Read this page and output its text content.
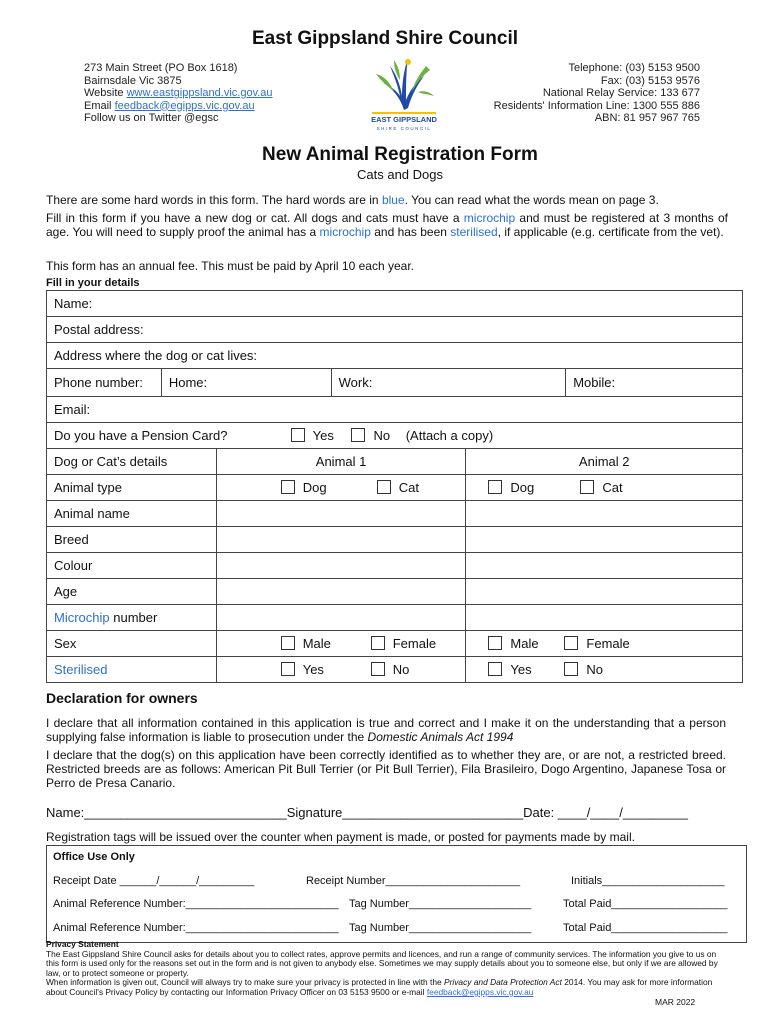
East Gippsland Shire Council
273 Main Street (PO Box 1618)
Bairnsdale Vic 3875
Website www.eastgippsland.vic.gov.au
Email feedback@egipps.vic.gov.au
Follow us on Twitter @egsc	EAST GIPPSLAND
SHIRE COUNCIL
Telephone: (03) 5153 9500
Fax: (03) 5153 9576
National Relay Service: 133 677
Residents' Information Line: 1300 555 886
ABN: 81 957 967 765
New Animal Registration Form
Cats and Dogs
There are some hard words in this form. The hard words are in blue. You can read what the words mean on page 3.
Fill in this form if you have a new dog or cat. All dogs and cats must have a microchip and must be registered at 3 months of age. You will need to supply proof the animal has a microchip and has been sterilised, if applicable (e.g. certificate from the vet).
This form has an annual fee. This must be paid by April 10 each year.
Fill in your details
Name:					
Postal address:					
Address where the dog or cat lives:					
Phone number:	Home:		Work:		Mobile:
Email:					
Do you have a Pension Card? Yes No (Attach a copy)					
Dog or Cat’s details		Animal 1		Animal 2	
Animal type		Dog Cat		Dog Cat	
Animal name					
Breed					
Colour					
Age					
Microchip number					
Sex		Male Female		Male Female	
Sterilised		Yes No		Yes No	
Declaration for owners
I declare that all information contained in this application is true and correct and I make it on the understanding that a person supplying false information is liable to prosecution under the Domestic Animals Act 1994
I declare that the dog(s) on this application have been correctly identified as to whether they are, or are not, a restricted breed. Restricted breeds are as follows: American Pit Bull Terrier (or Pit Bull Terrier), Fila Brasileiro, Dogo Argentino, Japanese Tosa or Perro de Presa Canario.
Name:____________________________Signature_________________________Date: ____/____/_________
Registration tags will be issued over the counter when payment is made, or posted for payments made by mail.
Office Use Only
Receipt Date ______/______/_________	Receipt Number______________________	Initials____________________
Animal Reference Number:_________________________ Tag Number____________________	Total Paid___________________
Animal Reference Number:_________________________ Tag Number____________________	Total Paid___________________
Privacy Statement
The East Gippsland Shire Council asks for details about you to collect rates, approve permits and licences, and run a range of community services. The information you give to us on this form is used only for the reasons set out in the form and is not given to anybody else. Sometimes we may supply details about you to someone else, but only if we are allowed by law, or to protect someone or property.
When information is given out, Council will always try to make sure your privacy is protected in line with the Privacy and Data Protection Act 2014. You may ask for more information about Council's Privacy Policy by contacting our Information Privacy Officer on 03 5153 9500 or e-mail feedback@egipps.vic.gov.au
MAR 2022
